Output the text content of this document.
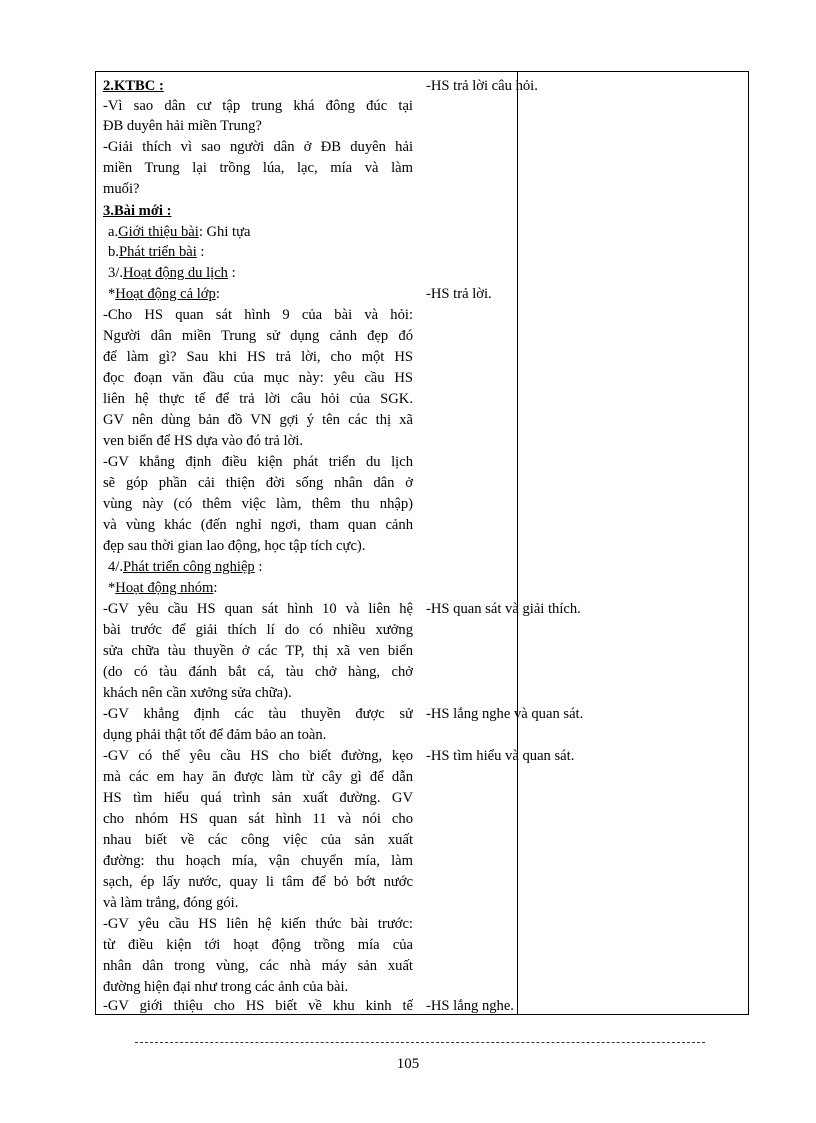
2.KTBC :
-Vì sao dân cư tập trung khá đông đúc tại
ĐB duyên hải miền Trung?
-Giải thích vì sao người dân ở ĐB duyên hải
miền Trung lại trồng lúa, lạc, mía và làm
muối?
3.Bài mới :
a.Giới thiệu bài: Ghi tựa
b.Phát triển bài :
3/.Hoạt động du lịch :
*Hoạt động cả lớp:
-Cho HS quan sát hình 9 của bài và hỏi:
Người dân miền Trung sử dụng cảnh đẹp đó
để làm gì? Sau khi HS trả lời, cho một HS
đọc đoạn văn đầu của mục này: yêu cầu HS
liên hệ thực tế để trả lời câu hỏi của SGK.
GV nên dùng bản đồ VN gợi ý tên các thị xã
ven biển để HS dựa vào đó trả lời.
-GV khẳng định điều kiện phát triển du lịch
sẽ góp phần cải thiện đời sống nhân dân ở
vùng này (có thêm việc làm, thêm thu nhập)
và vùng khác (đến nghỉ ngơi, tham quan cảnh
đẹp sau thời gian lao động, học tập tích cực).
4/.Phát triển công nghiệp :
*Hoạt động nhóm:
-GV yêu cầu HS quan sát hình 10 và liên hệ
bài trước để giải thích lí do có nhiều xưởng
sửa chữa tàu thuyền ở các TP, thị xã ven biển
(do có tàu đánh bắt cá, tàu chở hàng, chở
khách nên cần xưởng sửa chữa).
-GV khẳng định các tàu thuyền được sử
dụng phải thật tốt để đảm bảo an toàn.
-GV có thể yêu cầu HS cho biết đường, kẹo
mà các em hay ăn được làm từ cây gì để dẫn
HS tìm hiểu quá trình sản xuất đường. GV
cho nhóm HS quan sát hình 11 và nói cho
nhau biết về các công việc của sản xuất
đường: thu hoạch mía, vận chuyển mía, làm
sạch, ép lấy nước, quay li tâm để bỏ bớt nước
và làm trắng, đóng gói.
-GV yêu cầu HS liên hệ kiến thức bài trước:
từ điều kiện tới hoạt động trồng mía của
nhân dân trong vùng, các nhà máy sản xuất
đường hiện đại như trong các ảnh của bài.
-GV giới thiệu cho HS biết về khu kinh tế
-HS trả lời câu hỏi.
-HS trả lời.
-HS quan sát và giải thích.
-HS lắng nghe và quan sát.
-HS tìm hiểu và quan sát.
-HS lắng nghe.
105
